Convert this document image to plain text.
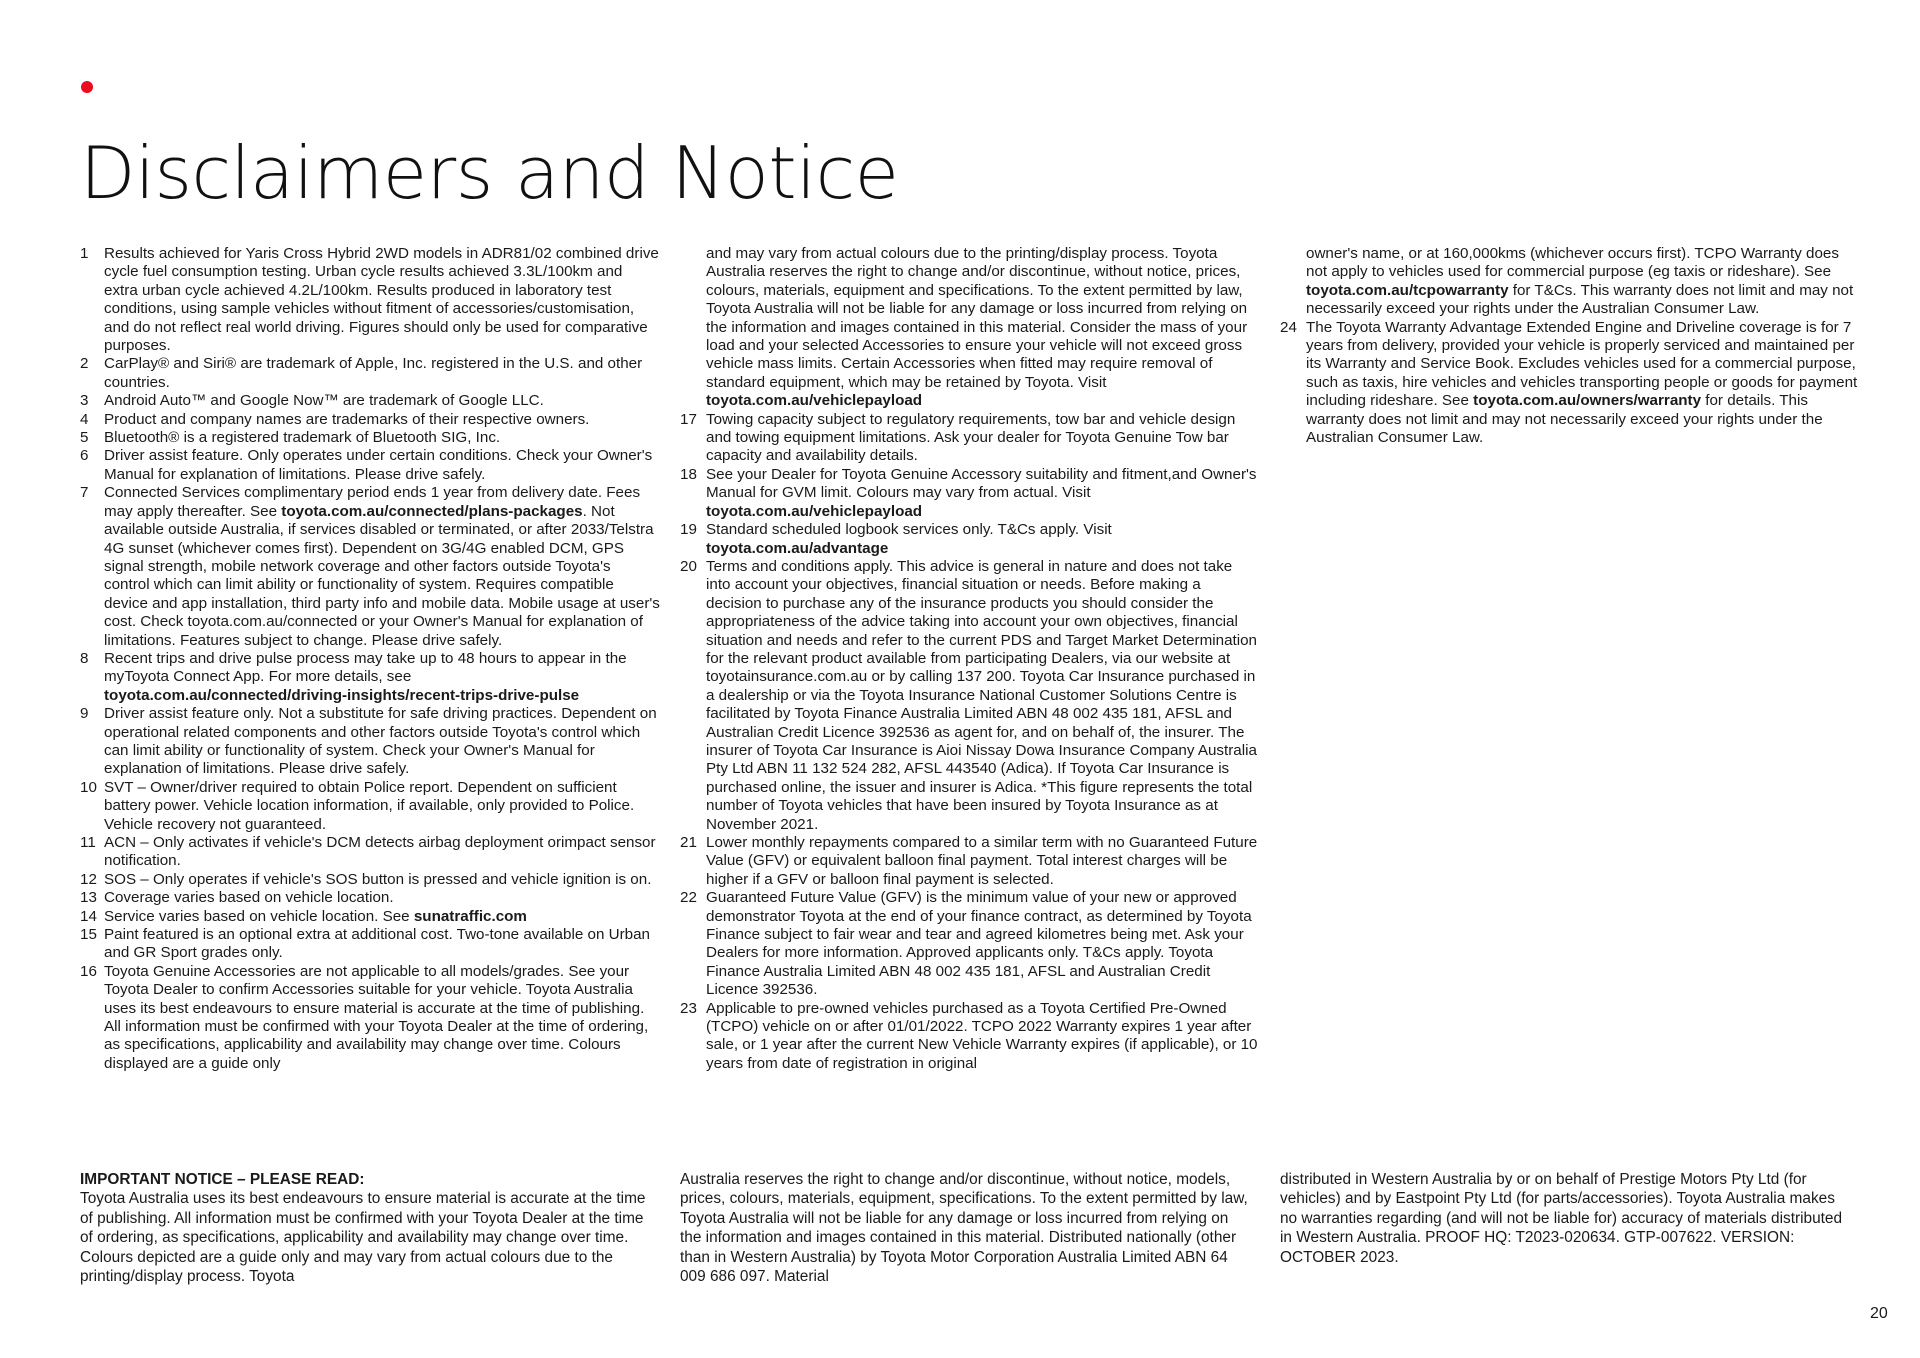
Disclaimers and Notice
1	Results achieved for Yaris Cross Hybrid 2WD models in ADR81/02 combined drive cycle fuel consumption testing. Urban cycle results achieved 3.3L/100km and extra urban cycle achieved 4.2L/100km. Results produced in laboratory test conditions, using sample vehicles without fitment of accessories/customisation, and do not reflect real world driving. Figures should only be used for comparative purposes.
2	CarPlay® and Siri® are trademark of Apple, Inc. registered in the U.S. and other countries.
3	Android Auto™ and Google Now™ are trademark of Google LLC.
4	Product and company names are trademarks of their respective owners.
5	Bluetooth® is a registered trademark of Bluetooth SIG, Inc.
6	Driver assist feature. Only operates under certain conditions. Check your Owner's Manual for explanation of limitations. Please drive safely.
7	Connected Services complimentary period ends 1 year from delivery date. Fees may apply thereafter. See toyota.com.au/connected/plans-packages. Not available outside Australia, if services disabled or terminated, or after 2033/Telstra 4G sunset (whichever comes first). Dependent on 3G/4G enabled DCM, GPS signal strength, mobile network coverage and other factors outside Toyota's control which can limit ability or functionality of system. Requires compatible device and app installation, third party info and mobile data. Mobile usage at user's cost. Check toyota.com.au/connected or your Owner's Manual for explanation of limitations. Features subject to change. Please drive safely.
8	Recent trips and drive pulse process may take up to 48 hours to appear in the myToyota Connect App. For more details, see
toyota.com.au/connected/driving-insights/recent-trips-drive-pulse
9	Driver assist feature only. Not a substitute for safe driving practices. Dependent on operational related components and other factors outside Toyota's control which can limit ability or functionality of system. Check your Owner's Manual for explanation of limitations. Please drive safely.
10 SVT – Owner/driver required to obtain Police report. Dependent on sufficient battery power. Vehicle location information, if available, only provided to Police. Vehicle recovery not guaranteed.
11 ACN – Only activates if vehicle's DCM detects airbag deployment orimpact sensor notification.
12 SOS – Only operates if vehicle's SOS button is pressed and vehicle ignition is on.
13 Coverage varies based on vehicle location.
14 Service varies based on vehicle location. See sunatraffic.com
15 Paint featured is an optional extra at additional cost. Two-tone available on Urban and GR Sport grades only.
16 Toyota Genuine Accessories are not applicable to all models/grades. See your Toyota Dealer to confirm Accessories suitable for your vehicle. Toyota Australia uses its best endeavours to ensure material is accurate at the time of publishing. All information must be confirmed with your Toyota Dealer at the time of ordering, as specifications, applicability and availability may change over time. Colours displayed are a guide only
and may vary from actual colours due to the printing/display process. Toyota Australia reserves the right to change and/or discontinue, without notice, prices, colours, materials, equipment and specifications. To the extent permitted by law, Toyota Australia will not be liable for any damage or loss incurred from relying on the information and images contained in this material. Consider the mass of your load and your selected Accessories to ensure your vehicle will not exceed gross vehicle mass limits. Certain Accessories when fitted may require removal of standard equipment, which may be retained by Toyota. Visit
toyota.com.au/vehiclepayload
17 Towing capacity subject to regulatory requirements, tow bar and vehicle design and towing equipment limitations. Ask your dealer for Toyota Genuine Tow bar capacity and availability details.
18 See your Dealer for Toyota Genuine Accessory suitability and fitment,and Owner's Manual for GVM limit. Colours may vary from actual. Visit toyota.com.au/vehiclepayload
19 Standard scheduled logbook services only. T&Cs apply. Visit toyota.com.au/advantage
20 Terms and conditions apply. This advice is general in nature and does not take into account your objectives, financial situation or needs. Before making a decision to purchase any of the insurance products you should consider the appropriateness of the advice taking into account your own objectives, financial situation and needs and refer to the current PDS and Target Market Determination for the relevant product available from participating Dealers, via our website at toyotainsurance.com.au or by calling 137 200. Toyota Car Insurance purchased in a dealership or via the Toyota Insurance National Customer Solutions Centre is facilitated by Toyota Finance Australia Limited ABN 48 002 435 181, AFSL and Australian Credit Licence 392536 as agent for, and on behalf of, the insurer. The insurer of Toyota Car Insurance is Aioi Nissay Dowa Insurance Company Australia Pty Ltd ABN 11 132 524 282, AFSL 443540 (Adica). If Toyota Car Insurance is purchased online, the issuer and insurer is Adica. *This figure represents the total number of Toyota vehicles that have been insured by Toyota Insurance as at November 2021.
21 Lower monthly repayments compared to a similar term with no Guaranteed Future Value (GFV) or equivalent balloon final payment. Total interest charges will be higher if a GFV or balloon final payment is selected.
22 Guaranteed Future Value (GFV) is the minimum value of your new or approved demonstrator Toyota at the end of your finance contract, as determined by Toyota Finance subject to fair wear and tear and agreed kilometres being met. Ask your Dealers for more information. Approved applicants only. T&Cs apply. Toyota Finance Australia Limited ABN 48 002 435 181, AFSL and Australian Credit Licence 392536.
23 Applicable to pre-owned vehicles purchased as a Toyota Certified Pre-Owned (TCPO) vehicle on or after 01/01/2022. TCPO 2022 Warranty expires 1 year after sale, or 1 year after the current New Vehicle Warranty expires (if applicable), or 10 years from date of registration in original
owner's name, or at 160,000kms (whichever occurs first). TCPO Warranty does not apply to vehicles used for commercial purpose (eg taxis or rideshare). See toyota.com.au/tcpowarranty for T&Cs. This warranty does not limit and may not necessarily exceed your rights under the Australian Consumer Law.
24 The Toyota Warranty Advantage Extended Engine and Driveline coverage is for 7 years from delivery, provided your vehicle is properly serviced and maintained per its Warranty and Service Book. Excludes vehicles used for a commercial purpose, such as taxis, hire vehicles and vehicles transporting people or goods for payment including rideshare. See toyota.com.au/owners/warranty for details. This warranty does not limit and may not necessarily exceed your rights under the Australian Consumer Law.
IMPORTANT NOTICE – PLEASE READ:
Toyota Australia uses its best endeavours to ensure material is accurate at the time of publishing. All information must be confirmed with your Toyota Dealer at the time of ordering, as specifications, applicability and availability may change over time. Colours depicted are a guide only and may vary from actual colours due to the printing/display process. Toyota
Australia reserves the right to change and/or discontinue, without notice, models, prices, colours, materials, equipment, specifications. To the extent permitted by law, Toyota Australia will not be liable for any damage or loss incurred from relying on the information and images contained in this material. Distributed nationally (other than in Western Australia) by Toyota Motor Corporation Australia Limited ABN 64 009 686 097. Material
distributed in Western Australia by or on behalf of Prestige Motors Pty Ltd (for vehicles) and by Eastpoint Pty Ltd (for parts/accessories). Toyota Australia makes no warranties regarding (and will not be liable for) accuracy of materials distributed in Western Australia. PROOF HQ: T2023-020634. GTP-007622. VERSION: OCTOBER 2023.
20
